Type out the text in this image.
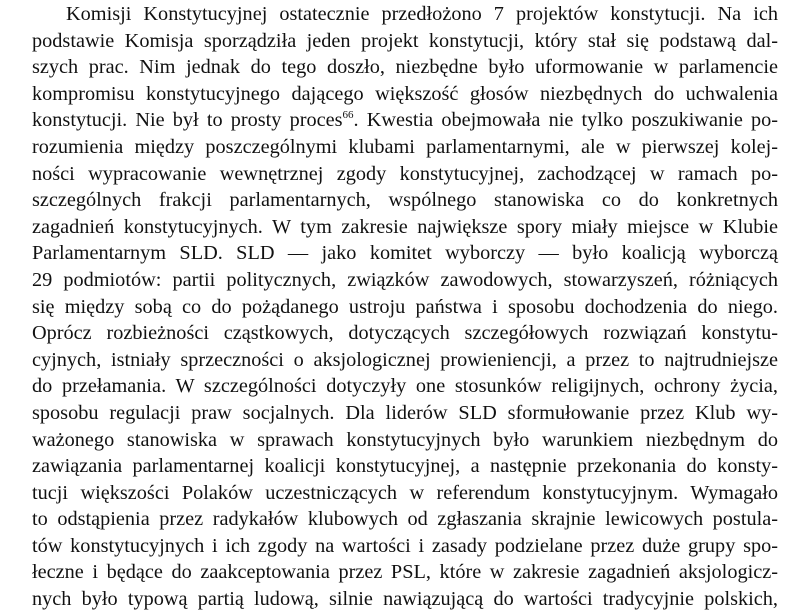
Komisji Konstytucyjnej ostatecznie przedłożono 7 projektów konstytucji. Na ich
podstawie Komisja sporządziła jeden projekt konstytucji, który stał się podstawą dal-
szych prac. Nim jednak do tego doszło, niezbędne było uformowanie w parlamencie
kompromisu konstytucyjnego dającego większość głosów niezbędnych do uchwalenia
konstytucji. Nie był to prosty proces$^{66}$. Kwestia obejmowała nie tylko poszukiwanie po-
rozumienia między poszczególnymi klubami parlamentarnymi, ale w pierwszej kolej-
ności wypracowanie wewnętrznej zgody konstytucyjnej, zachodzącej w ramach po-
szczególnych frakcji parlamentarnych, wspólnego stanowiska co do konkretnych
zagadnień konstytucyjnych. W tym zakresie największe spory miały miejsce w Klubie
Parlamentarnym SLD. SLD — jako komitet wyborczy — było koalicją wyborczą
29 podmiotów: partii politycznych, związków zawodowych, stowarzyszeń, różniących
się między sobą co do pożądanego ustroju państwa i sposobu dochodzenia do niego.
Oprócz rozbieżności cząstkowych, dotyczących szczegółowych rozwiązań konstytu-
cyjnych, istniały sprzeczności o aksjologicznej prowieniencji, a przez to najtrudniejsze
do przełamania. W szczególności dotyczyły one stosunków religijnych, ochrony życia,
sposobu regulacji praw socjalnych. Dla liderów SLD sformułowanie przez Klub wy-
ważonego stanowiska w sprawach konstytucyjnych było warunkiem niezbędnym do
zawiązania parlamentarnej koalicji konstytucyjnej, a następnie przekonania do konsty-
tucji większości Polaków uczestniczących w referendum konstytucyjnym. Wymagało
to odstąpienia przez radykałów klubowych od zgłaszania skrajnie lewicowych postula-
tów konstytucyjnych i ich zgody na wartości i zasady podzielane przez duże grupy spo-
łeczne i będące do zaakceptowania przez PSL, które w zakresie zagadnień aksjologicz-
nych było typową partią ludową, silnie nawiązującą do wartości tradycyjnie polskich,
